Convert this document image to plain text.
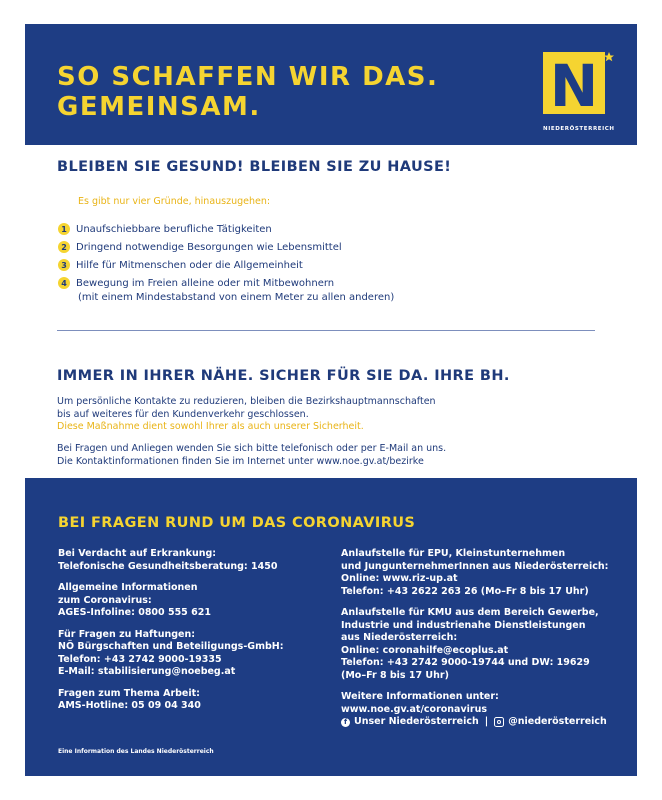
SO SCHAFFEN WIR DAS.
GEMEINSAM.	N
NIEDERÖSTERREICH
BLEIBEN SIE GESUND! BLEIBEN SIE ZU HAUSE!
Es gibt nur vier Gründe, hinauszugehen:
1 Unaufschiebbare berufliche Tätigkeiten
2 Dringend notwendige Besorgungen wie Lebensmittel
3 Hilfe für Mitmenschen oder die Allgemeinheit
4 Bewegung im Freien alleine oder mit Mitbewohnern
(mit einem Mindestabstand von einem Meter zu allen anderen)
IMMER IN IHRER NÄHE. SICHER FÜR SIE DA. IHRE BH.
Um persönliche Kontakte zu reduzieren, bleiben die Bezirkshauptmannschaften
bis auf weiteres für den Kundenverkehr geschlossen.
Diese Maßnahme dient sowohl Ihrer als auch unserer Sicherheit.
Bei Fragen und Anliegen wenden Sie sich bitte telefonisch oder per E-Mail an uns.
Die Kontaktinformationen finden Sie im Internet unter www.noe.gv.at/bezirke
BEI FRAGEN RUND UM DAS CORONAVIRUS
Bei Verdacht auf Erkrankung:
Telefonische Gesundheitsberatung: 1450
Allgemeine Informationen
zum Coronavirus:
AGES-Infoline: 0800 555 621
Für Fragen zu Haftungen:
NÖ Bürgschaften und Beteiligungs-GmbH:
Telefon: +43 2742 9000-19335
E-Mail: stabilisierung@noebeg.at
Fragen zum Thema Arbeit:
AMS-Hotline: 05 09 04 340
Anlaufstelle für EPU, Kleinstunternehmen
und JungunternehmerInnen aus Niederösterreich:
Online: www.riz-up.at
Telefon: +43 2622 263 26 (Mo–Fr 8 bis 17 Uhr)
Anlaufstelle für KMU aus dem Bereich Gewerbe,
Industrie und industrienahe Dienstleistungen
aus Niederösterreich:
Online: coronahilfe@ecoplus.at
Telefon: +43 2742 9000-19744 und DW: 19629
(Mo–Fr 8 bis 17 Uhr)
Weitere Informationen unter:
www.noe.gv.at/coronavirus
f Unser Niederösterreich | @niederösterreich
Eine Information des Landes Niederösterreich
